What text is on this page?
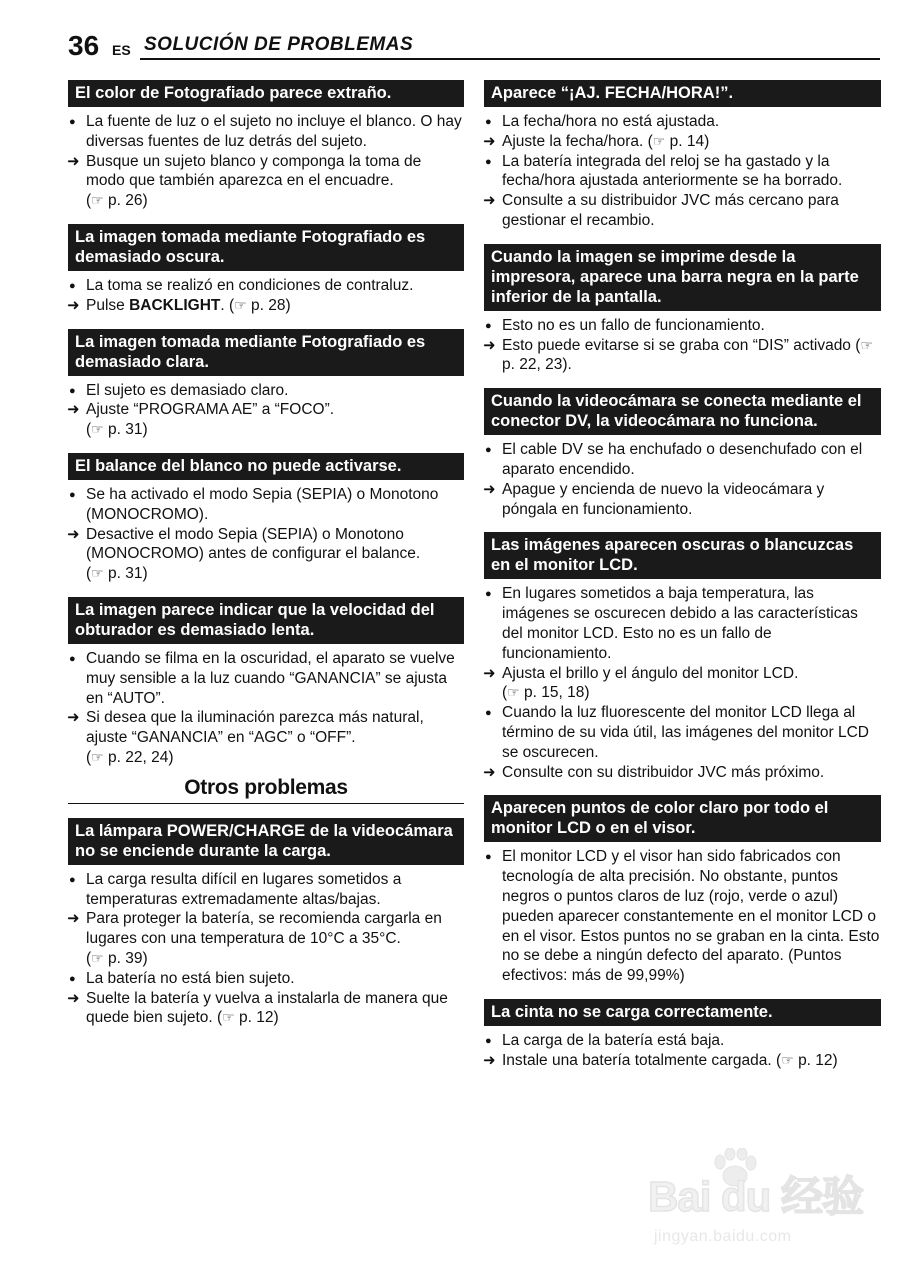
36 ES SOLUCIÓN DE PROBLEMAS
El color de Fotografiado parece extraño.
La fuente de luz o el sujeto no incluye el blanco. O hay diversas fuentes de luz detrás del sujeto.
Busque un sujeto blanco y componga la toma de modo que también aparezca en el encuadre.
(☞ p. 26)
La imagen tomada mediante Fotografiado es demasiado oscura.
La toma se realizó en condiciones de contraluz.
Pulse BACKLIGHT. (☞ p. 28)
La imagen tomada mediante Fotografiado es demasiado clara.
El sujeto es demasiado claro.
Ajuste “PROGRAMA AE” a “FOCO”.
(☞ p. 31)
El balance del blanco no puede activarse.
Se ha activado el modo Sepia (SEPIA) o Monotono (MONOCROMO).
Desactive el modo Sepia (SEPIA) o Monotono (MONOCROMO) antes de configurar el balance.
(☞ p. 31)
La imagen parece indicar que la velocidad del obturador es demasiado lenta.
Cuando se filma en la oscuridad, el aparato se vuelve muy sensible a la luz cuando “GANANCIA” se ajusta en “AUTO”.
Si desea que la iluminación parezca más natural, ajuste “GANANCIA” en “AGC” o “OFF”.
(☞ p. 22, 24)
Otros problemas
La lámpara POWER/CHARGE de la videocámara no se enciende durante la carga.
La carga resulta difícil en lugares sometidos a temperaturas extremadamente altas/bajas.
Para proteger la batería, se recomienda cargarla en lugares con una temperatura de 10°C a 35°C.
(☞ p. 39)
La batería no está bien sujeto.
Suelte la batería y vuelva a instalarla de manera que quede bien sujeto. (☞ p. 12)
Aparece “¡AJ. FECHA/HORA!”.
La fecha/hora no está ajustada.
Ajuste la fecha/hora. (☞ p. 14)
La batería integrada del reloj se ha gastado y la fecha/hora ajustada anteriormente se ha borrado.
Consulte a su distribuidor JVC más cercano para gestionar el recambio.
Cuando la imagen se imprime desde la impresora, aparece una barra negra en la parte inferior de la pantalla.
Esto no es un fallo de funcionamiento.
Esto puede evitarse si se graba con “DIS” activado (☞ p. 22, 23).
Cuando la videocámara se conecta mediante el conector DV, la videocámara no funciona.
El cable DV se ha enchufado o desenchufado con el aparato encendido.
Apague y encienda de nuevo la videocámara y póngala en funcionamiento.
Las imágenes aparecen oscuras o blancuzcas en el monitor LCD.
En lugares sometidos a baja temperatura, las imágenes se oscurecen debido a las características del monitor LCD. Esto no es un fallo de funcionamiento.
Ajusta el brillo y el ángulo del monitor LCD.
(☞ p. 15, 18)
Cuando la luz fluorescente del monitor LCD llega al término de su vida útil, las imágenes del monitor LCD se oscurecen.
Consulte con su distribuidor JVC más próximo.
Aparecen puntos de color claro por todo el monitor LCD o en el visor.
El monitor LCD y el visor han sido fabricados con tecnología de alta precisión. No obstante, puntos negros o puntos claros de luz (rojo, verde o azul) pueden aparecer constantemente en el monitor LCD o en el visor. Estos puntos no se graban en la cinta. Esto no se debe a ningún defecto del aparato. (Puntos efectivos: más de 99,99%)
La cinta no se carga correctamente.
La carga de la batería está baja.
Instale una batería totalmente cargada. (☞ p. 12)
Bai du 经验
jingyan.baidu.com
